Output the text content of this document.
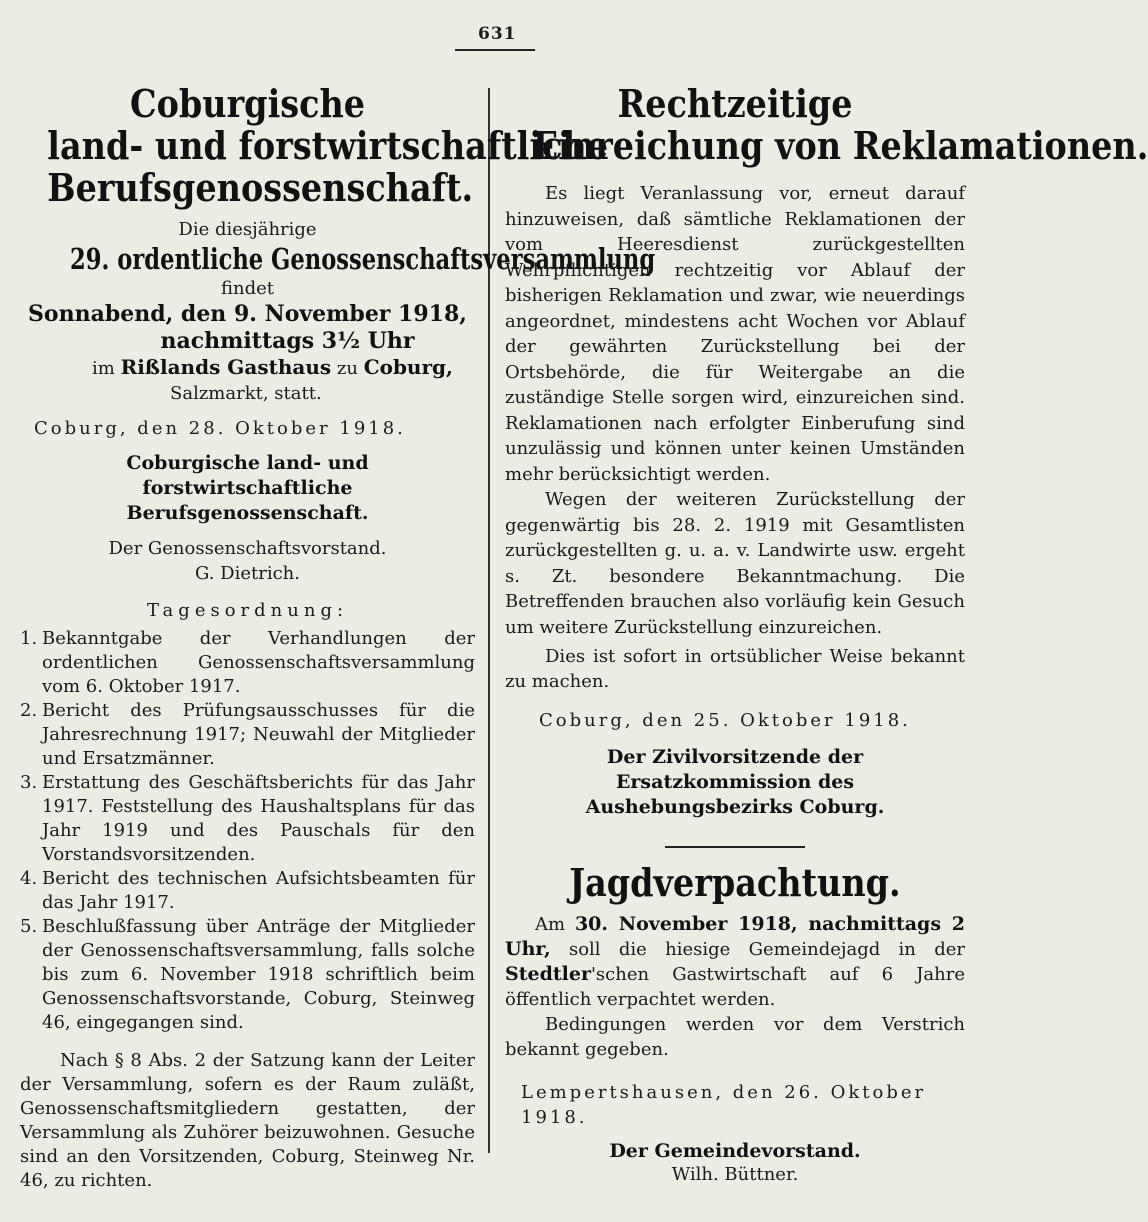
631
Coburgische
land- und forstwirtschaftliche
Berufsgenossenschaft.
Die diesjährige
29. ordentliche Genossenschaftsversammlung
findet
Sonnabend, den 9. November 1918,
nachmittags 3½ Uhr
im Rißlands Gasthaus zu Coburg,
Salzmarkt, statt.
Coburg, den 28. Oktober 1918.
Coburgische land- und forstwirtschaftliche Berufsgenossenschaft.
Der Genossenschaftsvorstand.
G. Dietrich.
Tagesordnung:
1. Bekanntgabe der Verhandlungen der ordentlichen Genossenschaftsversammlung vom 6. Oktober 1917.
2. Bericht des Prüfungsausschusses für die Jahresrechnung 1917; Neuwahl der Mitglieder und Ersatzmänner.
3. Erstattung des Geschäftsberichts für das Jahr 1917. Feststellung des Haushaltsplans für das Jahr 1919 und des Pauschals für den Vorstandsvorsitzenden.
4. Bericht des technischen Aufsichtsbeamten für das Jahr 1917.
5. Beschlußfassung über Anträge der Mitglieder der Genossenschaftsversammlung, falls solche bis zum 6. November 1918 schriftlich beim Genossenschaftsvorstande, Coburg, Steinweg 46, eingegangen sind.
Nach § 8 Abs. 2 der Satzung kann der Leiter der Versammlung, sofern es der Raum zuläßt, Genossenschaftsmitgliedern gestatten, der Versammlung als Zuhörer beizuwohnen. Gesuche sind an den Vorsitzenden, Coburg, Steinweg Nr. 46, zu richten.
Rechtzeitige
Einreichung von Reklamationen.
Es liegt Veranlassung vor, erneut darauf hinzuweisen, daß sämtliche Reklamationen der vom Heeresdienst zurückgestellten Wehrpflichtigen rechtzeitig vor Ablauf der bisherigen Reklamation und zwar, wie neuerdings angeordnet, mindestens acht Wochen vor Ablauf der gewährten Zurückstellung bei der Ortsbehörde, die für Weitergabe an die zuständige Stelle sorgen wird, einzureichen sind. Reklamationen nach erfolgter Einberufung sind unzulässig und können unter keinen Umständen mehr berücksichtigt werden.
Wegen der weiteren Zurückstellung der gegenwärtig bis 28. 2. 1919 mit Gesamtlisten zurückgestellten g. u. a. v. Landwirte usw. ergeht s. Zt. besondere Bekanntmachung. Die Betreffenden brauchen also vorläufig kein Gesuch um weitere Zurückstellung einzureichen.
Dies ist sofort in ortsüblicher Weise bekannt zu machen.
Coburg, den 25. Oktober 1918.
Der Zivilvorsitzende der Ersatzkommission des Aushebungsbezirks Coburg.
Jagdverpachtung.
Am 30. November 1918, nachmittags 2 Uhr, soll die hiesige Gemeindejagd in der Stedtler'schen Gastwirtschaft auf 6 Jahre öffentlich verpachtet werden.
Bedingungen werden vor dem Verstrich bekannt gegeben.
Lempertshausen, den 26. Oktober 1918.
Der Gemeindevorstand.
Wilh. Büttner.
